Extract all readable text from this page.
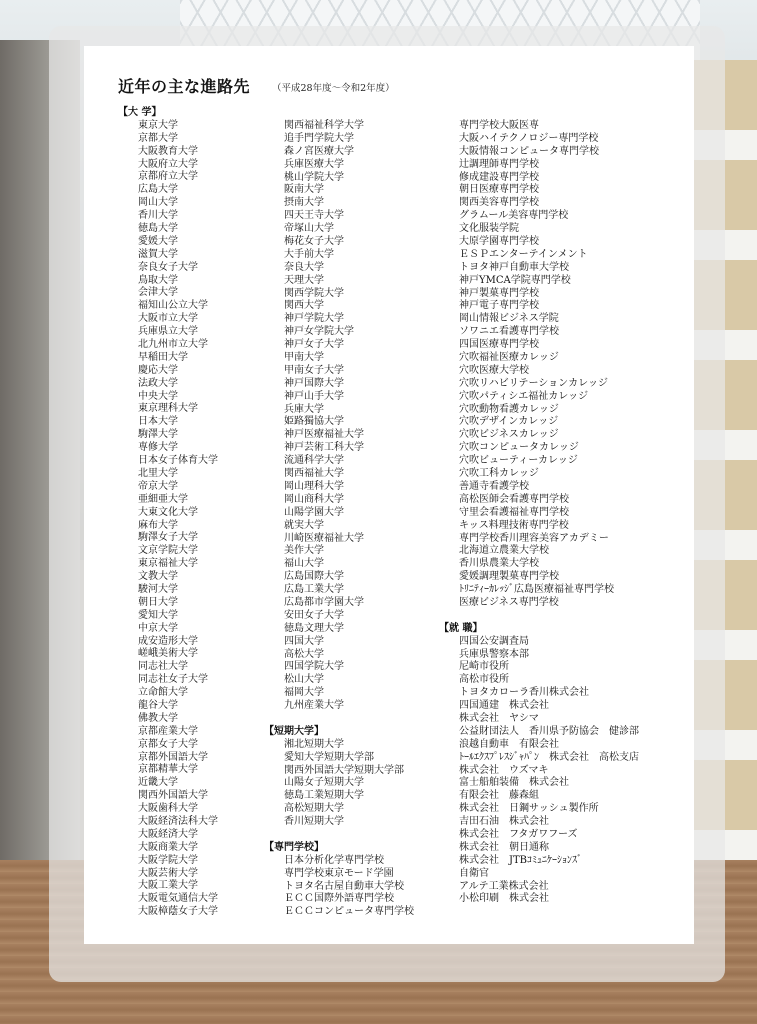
近年の主な進路先 （平成28年度～令和2年度）
【大 学】
東京大学
京都大学
大阪教育大学
大阪府立大学
京都府立大学
広島大学
岡山大学
香川大学
徳島大学
愛媛大学
滋賀大学
奈良女子大学
鳥取大学
会津大学
福知山公立大学
大阪市立大学
兵庫県立大学
北九州市立大学
早稲田大学
慶応大学
法政大学
中央大学
東京理科大学
日本大学
駒澤大学
専修大学
日本女子体育大学
北里大学
帝京大学
亜細亜大学
大東文化大学
麻布大学
駒澤女子大学
文京学院大学
東京福祉大学
文教大学
駿河大学
朝日大学
愛知大学
中京大学
成安造形大学
嵯峨美術大学
同志社大学
同志社女子大学
立命館大学
龍谷大学
佛教大学
京都産業大学
京都女子大学
京都外国語大学
京都精華大学
近畿大学
関西外国語大学
大阪歯科大学
大阪経済法科大学
大阪経済大学
大阪商業大学
大阪学院大学
大阪芸術大学
大阪工業大学
大阪電気通信大学
大阪樟蔭女子大学
関西福祉科学大学
追手門学院大学
森ノ宮医療大学
兵庫医療大学
桃山学院大学
阪南大学
摂南大学
四天王寺大学
帝塚山大学
梅花女子大学
大手前大学
奈良大学
天理大学
関西学院大学
関西大学
神戸学院大学
神戸女学院大学
神戸女子大学
甲南大学
甲南女子大学
神戸国際大学
神戸山手大学
兵庫大学
姫路獨協大学
神戸医療福祉大学
神戸芸術工科大学
流通科学大学
関西福祉大学
岡山理科大学
岡山商科大学
山陽学園大学
就実大学
川崎医療福祉大学
美作大学
福山大学
広島国際大学
広島工業大学
広島都市学園大学
安田女子大学
徳島文理大学
四国大学
高松大学
四国学院大学
松山大学
福岡大学
九州産業大学
【短期大学】
湘北短期大学
愛知大学短期大学部
関西外国語大学短期大学部
山陽女子短期大学
徳島工業短期大学
高松短期大学
香川短期大学
【専門学校】
日本分析化学専門学校
専門学校東京モード学園
トヨタ名古屋自動車大学校
ＥＣＣ国際外語専門学校
ＥＣＣコンピュータ専門学校
専門学校大阪医専
大阪ハイテクノロジー専門学校
大阪情報コンピュータ専門学校
辻調理師専門学校
修成建設専門学校
朝日医療専門学校
関西美容専門学校
グラムール美容専門学校
文化服装学院
大原学園専門学校
ＥＳＰエンターテインメント
トヨタ神戸自動車大学校
神戸YMCA学院専門学校
神戸製菓専門学校
神戸電子専門学校
岡山情報ビジネス学院
ソワニエ看護専門学校
四国医療専門学校
穴吹福祉医療カレッジ
穴吹医療大学校
穴吹リハビリテーションカレッジ
穴吹パティシエ福祉カレッジ
穴吹動物看護カレッジ
穴吹デザインカレッジ
穴吹ビジネスカレッジ
穴吹コンピュータカレッジ
穴吹ビューティーカレッジ
穴吹工科カレッジ
善通寺看護学校
高松医師会看護専門学校
守里会看護福祉専門学校
キッス料理技術専門学校
専門学校香川理容美容アカデミー
北海道立農業大学校
香川県農業大学校
愛媛調理製菓専門学校
ﾄﾘﾆﾃｨｰｶﾚｯｼﾞ広島医療福祉専門学校
医療ビジネス専門学校
【就 職】
四国公安調査局
兵庫県警察本部
尼崎市役所
高松市役所
トヨタカローラ香川株式会社
四国通建　株式会社
株式会社　ヤシマ
公益財団法人　香川県予防協会　健診部
浪越自動車　有限会社
ﾄｰﾙｴｸｽﾌﾟﾚｽｼﾞｬﾊﾟﾝ　株式会社　高松支店
株式会社　ウズマキ
富士船舶装備　株式会社
有限会社　藤森組
株式会社　日鋼サッシュ製作所
吉田石油　株式会社
株式会社　フタガワフーズ
株式会社　朝日通称
株式会社　JTBｺﾐｭﾆｹｰｼｮﾝｽﾞ
自衛官
アルテ工業株式会社
小松印刷　株式会社
